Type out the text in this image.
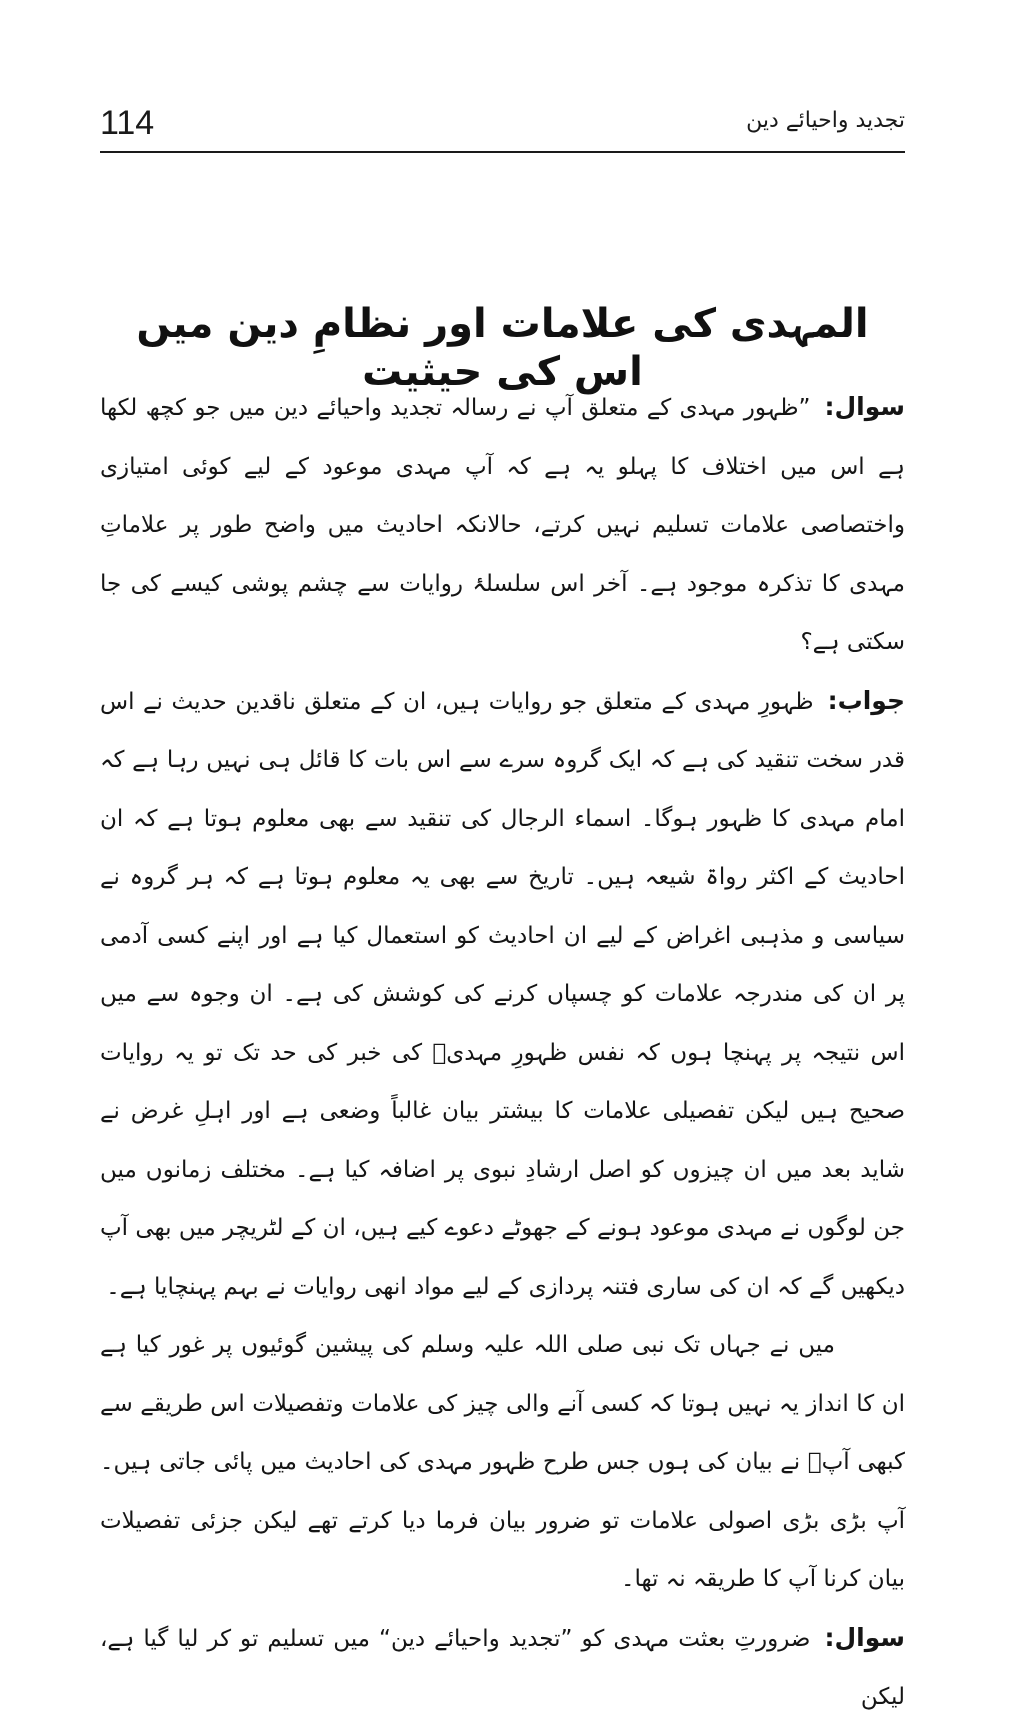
114	تجدید واحیائے دین
المہدی کی علامات اور نظامِ دین میں اس کی حیثیت

سوال:”ظہور مہدی کے متعلق آپ نے رسالہ تجدید واحیائے دین میں جو کچھ لکھا ہے اس میں اختلاف کا پہلو یہ ہے کہ آپ مہدی موعود کے لیے کوئی امتیازی واختصاصی علامات تسلیم نہیں کرتے، حالانکہ احادیث میں واضح طور پر علاماتِ مہدی کا تذکرہ موجود ہے۔ آخر اس سلسلۂ روایات سے چشم پوشی کیسے کی جا سکتی ہے؟

جواب:ظہورِ مہدی کے متعلق جو روایات ہیں، ان کے متعلق ناقدین حدیث نے اس قدر سخت تنقید کی ہے کہ ایک گروہ سرے سے اس بات کا قائل ہی نہیں رہا ہے کہ امام مہدی کا ظہور ہوگا۔ اسماء الرجال کی تنقید سے بھی معلوم ہوتا ہے کہ ان احادیث کے اکثر رواۃ شیعہ ہیں۔ تاریخ سے بھی یہ معلوم ہوتا ہے کہ ہر گروہ نے سیاسی و مذہبی اغراض کے لیے ان احادیث کو استعمال کیا ہے اور اپنے کسی آدمی پر ان کی مندرجہ علامات کو چسپاں کرنے کی کوشش کی ہے۔ ان وجوہ سے میں اس نتیجہ پر پہنچا ہوں کہ نفس ظہورِ مہدیؑ کی خبر کی حد تک تو یہ روایات صحیح ہیں لیکن تفصیلی علامات کا بیشتر بیان غالباً وضعی ہے اور اہلِ غرض نے شاید بعد میں ان چیزوں کو اصل ارشادِ نبوی پر اضافہ کیا ہے۔ مختلف زمانوں میں جن لوگوں نے مہدی موعود ہونے کے جھوٹے دعوے کیے ہیں، ان کے لٹریچر میں بھی آپ دیکھیں گے کہ ان کی ساری فتنہ پردازی کے لیے مواد انھی روایات نے بہم پہنچایا ہے۔

میں نے جہاں تک نبی صلی اللہ علیہ وسلم کی پیشین گوئیوں پر غور کیا ہے ان کا انداز یہ نہیں ہوتا کہ کسی آنے والی چیز کی علامات وتفصیلات اس طریقے سے کبھی آپؐ نے بیان کی ہوں جس طرح ظہور مہدی کی احادیث میں پائی جاتی ہیں۔ آپ بڑی بڑی اصولی علامات تو ضرور بیان فرما دیا کرتے تھے لیکن جزئی تفصیلات بیان کرنا آپ کا طریقہ نہ تھا۔

سوال:ضرورتِ بعثت مہدی کو ”تجدید واحیائے دین“ میں تسلیم تو کر لیا گیا ہے، لیکن
